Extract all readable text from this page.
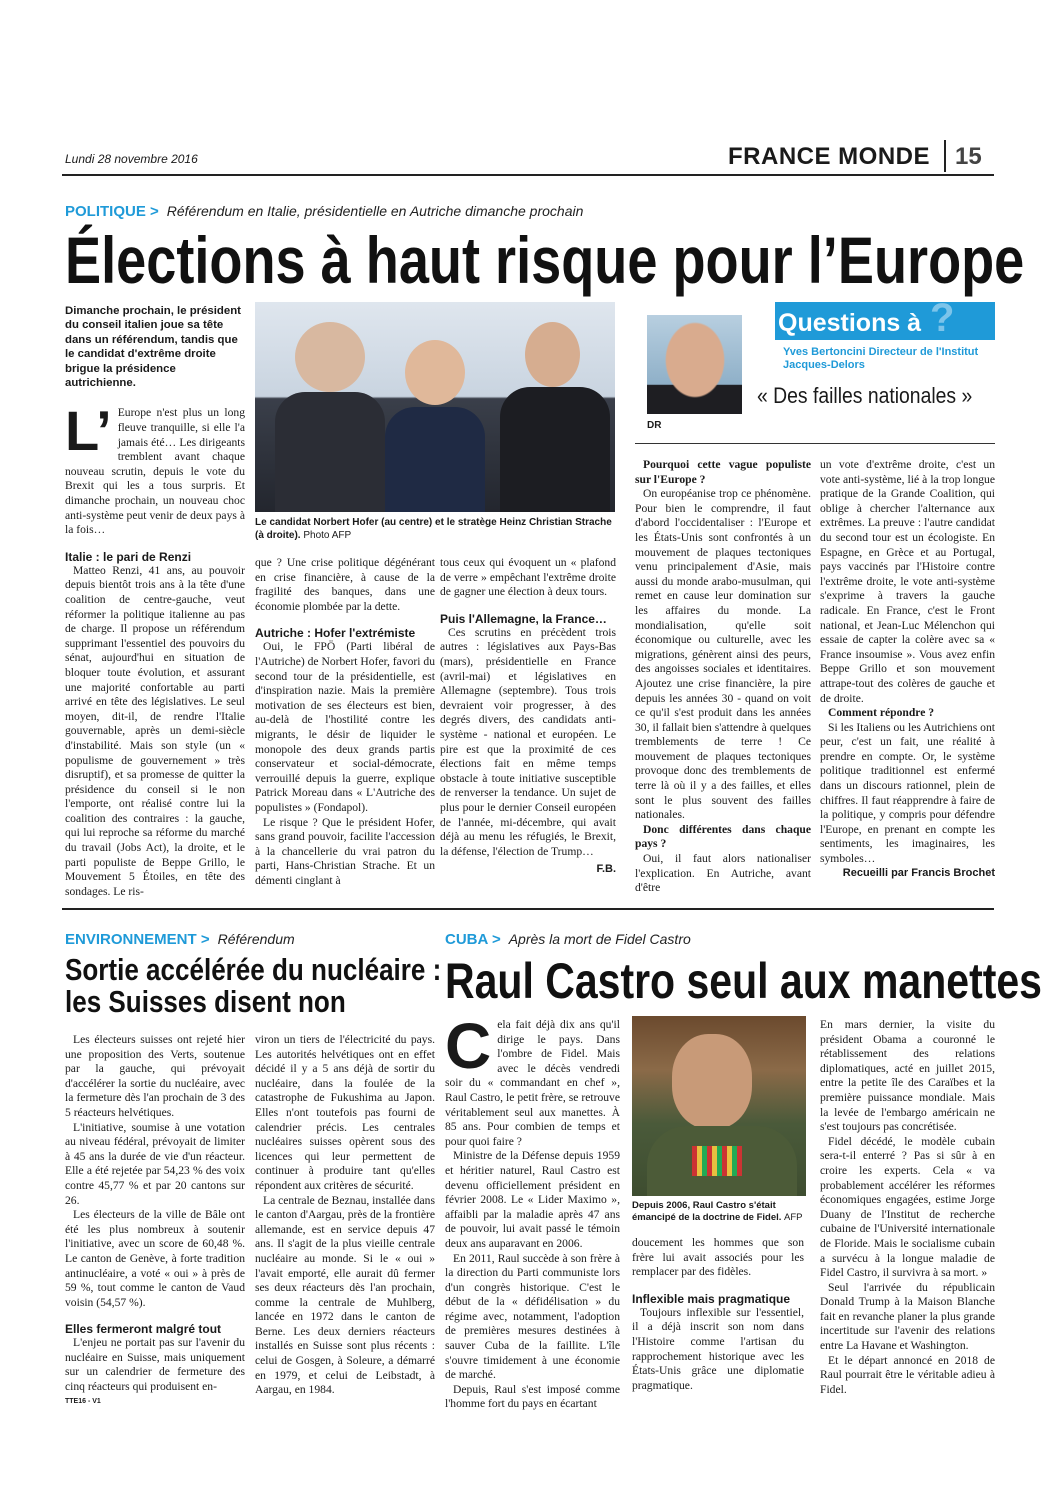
Lundi 28 novembre 2016	FRANCE MONDE 15
POLITIQUE > Référendum en Italie, présidentielle en Autriche dimanche prochain
Élections à haut risque pour l’Europe
Dimanche prochain, le président du conseil italien joue sa tête dans un référendum, tandis que le candidat d'extrême droite brigue la présidence autrichienne.

L’ Europe n'est plus un long fleuve tranquille, si elle l'a jamais été… Les dirigeants tremblent avant chaque nouveau scrutin, depuis le vote du Brexit qui les a tous surpris. Et dimanche prochain, un nouveau choc anti-système peut venir de deux pays à la fois…

Italie : le pari de Renzi

Matteo Renzi, 41 ans, au pouvoir depuis bientôt trois ans à la tête d'une coalition de centre-gauche, veut réformer la politique italienne au pas de charge. Il propose un référendum supprimant l'essentiel des pouvoirs du sénat, aujourd'hui en situation de bloquer toute évolution, et assurant une majorité confortable au parti arrivé en tête des législatives. Le seul moyen, dit-il, de rendre l'Italie gouvernable, après un demi-siècle d'instabilité. Mais son style (un « populisme de gouvernement » très disruptif), et sa promesse de quitter la présidence du conseil si le non l'emporte, ont réalisé contre lui la coalition des contraires : la gauche, qui lui reproche sa réforme du marché du travail (Jobs Act), la droite, et le parti populiste de Beppe Grillo, le Mouvement 5 Étoiles, en tête des sondages. Le ris-

Le candidat Norbert Hofer (au centre) et le stratège Heinz Christian Strache (à droite). Photo AFP

que ? Une crise politique dégénérant en crise financière, à cause de la fragilité des banques, dans une économie plombée par la dette.

Autriche : Hofer l'extrémiste

Oui, le FPÖ (Parti libéral de l'Autriche) de Norbert Hofer, favori du second tour de la présidentielle, est d'inspiration nazie. Mais la première motivation de ses électeurs est bien, au-delà de l'hostilité contre les migrants, le désir de liquider le monopole des deux grands partis conservateur et social-démocrate, verrouillé depuis la guerre, explique Patrick Moreau dans « L'Autriche des populistes » (Fondapol).

Le risque ? Que le président Hofer, sans grand pouvoir, facilite l'accession à la chancellerie du vrai patron du parti, Hans-Christian Strache. Et un démenti cinglant à

tous ceux qui évoquent un « plafond de verre » empêchant l'extrême droite de gagner une élection à deux tours.

Puis l'Allemagne, la France…

Ces scrutins en précèdent trois autres : législatives aux Pays-Bas (mars), présidentielle en France (avril-mai) et législatives en Allemagne (septembre). Tous trois devraient voir progresser, à des degrés divers, des candidats anti-système - national et européen. Le pire est que la proximité de ces élections fait en même temps obstacle à toute initiative susceptible de renverser la tendance. Un sujet de plus pour le dernier Conseil européen de l'année, mi-décembre, qui avait déjà au menu les réfugiés, le Brexit, la défense, l'élection de Trump…

F.B.
Questions à ?
DR
Yves Bertoncini Directeur de l'Institut Jacques-Delors
« Des failles nationales »

Pourquoi cette vague populiste sur l'Europe ?

On européanise trop ce phénomène. Pour bien le comprendre, il faut d'abord l'occidentaliser : l'Europe et les États-Unis sont confrontés à un mouvement de plaques tectoniques venu principalement d'Asie, mais aussi du monde arabo-musulman, qui remet en cause leur domination sur les affaires du monde. La mondialisation, qu'elle soit économique ou culturelle, avec les migrations, génèrent ainsi des peurs, des angoisses sociales et identitaires. Ajoutez une crise financière, la pire depuis les années 30 - quand on voit ce qu'il s'est produit dans les années 30, il fallait bien s'attendre à quelques tremblements de terre ! Ce mouvement de plaques tectoniques provoque donc des tremblements de terre là où il y a des failles, et elles sont le plus souvent des failles nationales.

Donc différentes dans chaque pays ?

Oui, il faut alors nationaliser l'explication. En Autriche, avant d'être

un vote d'extrême droite, c'est un vote anti-système, lié à la trop longue pratique de la Grande Coalition, qui oblige à chercher l'alternance aux extrêmes. La preuve : l'autre candidat du second tour est un écologiste. En Espagne, en Grèce et au Portugal, pays vaccinés par l'Histoire contre l'extrême droite, le vote anti-système s'exprime à travers la gauche radicale. En France, c'est le Front national, et Jean-Luc Mélenchon qui essaie de capter la colère avec sa « France insoumise ». Vous avez enfin Beppe Grillo et son mouvement attrape-tout des colères de gauche et de droite.

Comment répondre ?

Si les Italiens ou les Autrichiens ont peur, c'est un fait, une réalité à prendre en compte. Or, le système politique traditionnel est enfermé dans un discours rationnel, plein de chiffres. Il faut réapprendre à faire de la politique, y compris pour défendre l'Europe, en prenant en compte les sentiments, les imaginaires, les symboles…

Recueilli par Francis Brochet
ENVIRONNEMENT > Référendum
Sortie accélérée du nucléaire :
les Suisses disent non

Les électeurs suisses ont rejeté hier une proposition des Verts, soutenue par la gauche, qui prévoyait d'accélérer la sortie du nucléaire, avec la fermeture dès l'an prochain de 3 des 5 réacteurs helvétiques.

L'initiative, soumise à une votation au niveau fédéral, prévoyait de limiter à 45 ans la durée de vie d'un réacteur. Elle a été rejetée par 54,23 % des voix contre 45,77 % et par 20 cantons sur 26.

Les électeurs de la ville de Bâle ont été les plus nombreux à soutenir l'initiative, avec un score de 60,48 %. Le canton de Genève, à forte tradition antinucléaire, a voté « oui » à près de 59 %, tout comme le canton de Vaud voisin (54,57 %).

Elles fermeront malgré tout

L'enjeu ne portait pas sur l'avenir du nucléaire en Suisse, mais uniquement sur un calendrier de fermeture des cinq réacteurs qui produisent en-

TTE16 - V1

viron un tiers de l'électricité du pays. Les autorités helvétiques ont en effet décidé il y a 5 ans déjà de sortir du nucléaire, dans la foulée de la catastrophe de Fukushima au Japon. Elles n'ont toutefois pas fourni de calendrier précis. Les centrales nucléaires suisses opèrent sous des licences qui leur permettent de continuer à produire tant qu'elles répondent aux critères de sécurité.

La centrale de Beznau, installée dans le canton d'Aargau, près de la frontière allemande, est en service depuis 47 ans. Il s'agit de la plus vieille centrale nucléaire au monde. Si le « oui » l'avait emporté, elle aurait dû fermer ses deux réacteurs dès l'an prochain, comme la centrale de Muhlberg, lancée en 1972 dans le canton de Berne. Les deux derniers réacteurs installés en Suisse sont plus récents : celui de Gosgen, à Soleure, a démarré en 1979, et celui de Leibstadt, à Aargau, en 1984.

CUBA > Après la mort de Fidel Castro
Raul Castro seul aux manettes

Cela fait déjà dix ans qu'il dirige le pays. Dans l'ombre de Fidel. Mais avec le décès vendredi soir du « commandant en chef », Raul Castro, le petit frère, se retrouve véritablement seul aux manettes. À 85 ans. Pour combien de temps et pour quoi faire ?

Ministre de la Défense depuis 1959 et héritier naturel, Raul Castro est devenu officiellement président en février 2008. Le « Lider Maximo », affaibli par la maladie après 47 ans de pouvoir, lui avait passé le témoin deux ans auparavant en 2006.

En 2011, Raul succède à son frère à la direction du Parti communiste lors d'un congrès historique. C'est le début de la « défidélisation » du régime avec, notamment, l'adoption de premières mesures destinées à sauver Cuba de la faillite. L'île s'ouvre timidement à une économie de marché.

Depuis, Raul s'est imposé comme l'homme fort du pays en écartant

Depuis 2006, Raul Castro s'était émancipé de la doctrine de Fidel. AFP

doucement les hommes que son frère lui avait associés pour les remplacer par des fidèles.

Inflexible mais pragmatique

Toujours inflexible sur l'essentiel, il a déjà inscrit son nom dans l'Histoire comme l'artisan du rapprochement historique avec les États-Unis grâce une diplomatie pragmatique.

En mars dernier, la visite du président Obama a couronné le rétablissement des relations diplomatiques, acté en juillet 2015, entre la petite île des Caraïbes et la première puissance mondiale. Mais la levée de l'embargo américain ne s'est toujours pas concrétisée.

Fidel décédé, le modèle cubain sera-t-il enterré ? Pas si sûr à en croire les experts. Cela « va probablement accélérer les réformes économiques engagées, estime Jorge Duany de l'Institut de recherche cubaine de l'Université internationale de Floride. Mais le socialisme cubain a survécu à la longue maladie de Fidel Castro, il survivra à sa mort. »

Seul l'arrivée du républicain Donald Trump à la Maison Blanche fait en revanche planer la plus grande incertitude sur l'avenir des relations entre La Havane et Washington.

Et le départ annoncé en 2018 de Raul pourrait être le véritable adieu à Fidel.
